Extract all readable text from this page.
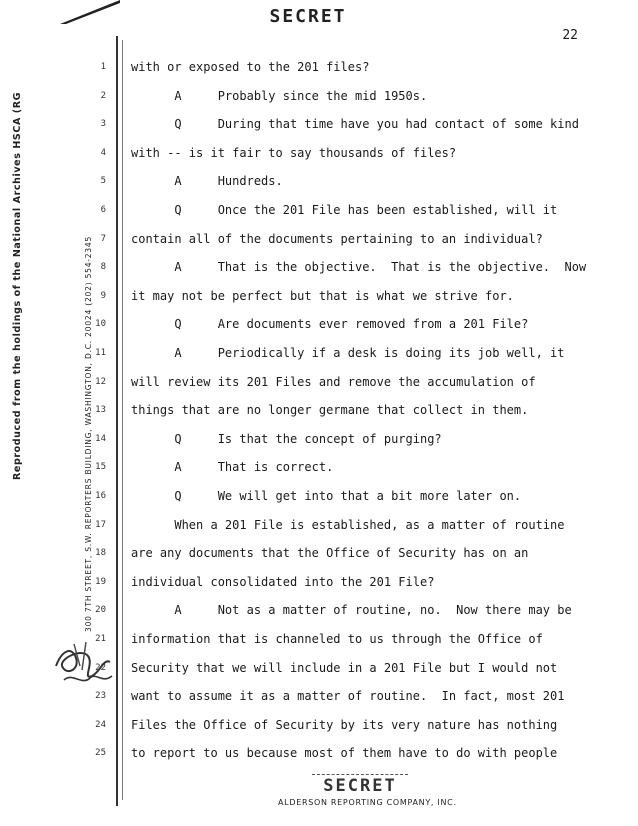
SECRET
22
Reproduced from the holdings of the National Archives HSCA (RG	300 7TH STREET, S.W. REPORTERS BUILDING, WASHINGTON, D.C. 20024 (202) 554-2345
with or exposed to the 201 files?
A     Probably since the mid 1950s.
Q     During that time have you had contact of some kind
with -- is it fair to say thousands of files?
A     Hundreds.
Q     Once the 201 File has been established, will it
contain all of the documents pertaining to an individual?
A     That is the objective.  That is the objective.  Now
it may not be perfect but that is what we strive for.
Q     Are documents ever removed from a 201 File?
A     Periodically if a desk is doing its job well, it
will review its 201 Files and remove the accumulation of
things that are no longer germane that collect in them.
Q     Is that the concept of purging?
A     That is correct.
Q     We will get into that a bit more later on.
When a 201 File is established, as a matter of routine
are any documents that the Office of Security has on an
individual consolidated into the 201 File?
A     Not as a matter of routine, no.  Now there may be
information that is channeled to us through the Office of
Security that we will include in a 201 File but I would not
want to assume it as a matter of routine.  In fact, most 201
Files the Office of Security by its very nature has nothing
to report to us because most of them have to do with people
SECRET
ALDERSON REPORTING COMPANY, INC.
1
2
3
4
5
6
7
8
9
10
11
12
13
14
15
16
17
18
19
20
21
22
23
24
25
